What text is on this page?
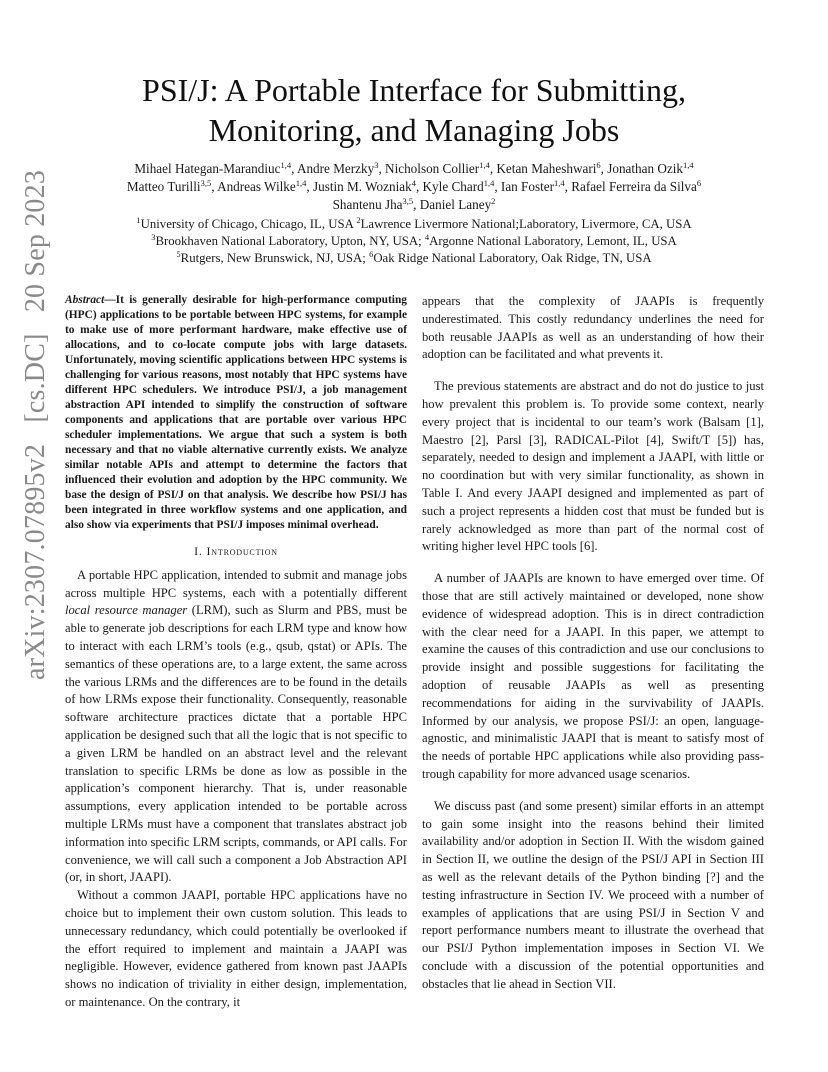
arXiv:2307.07895v2 [cs.DC] 20 Sep 2023
PSI/J: A Portable Interface for Submitting,
Monitoring, and Managing Jobs
Mihael Hategan-Marandiuc$^{1,4}$, Andre Merzky$^3$, Nicholson Collier$^{1,4}$, Ketan Maheshwari$^6$, Jonathan Ozik$^{1,4}$
Matteo Turilli$^{3,5}$, Andreas Wilke$^{1,4}$, Justin M. Wozniak$^4$, Kyle Chard$^{1,4}$, Ian Foster$^{1,4}$, Rafael Ferreira da Silva$^6$
Shantenu Jha$^{3,5}$, Daniel Laney$^2$
$^1$University of Chicago, Chicago, IL, USA $^2$Lawrence Livermore National;Laboratory, Livermore, CA, USA
$^3$Brookhaven National Laboratory, Upton, NY, USA; $^4$Argonne National Laboratory, Lemont, IL, USA
$^5$Rutgers, New Brunswick, NJ, USA; $^6$Oak Ridge National Laboratory, Oak Ridge, TN, USA

Abstract—It is generally desirable for high-performance computing (HPC) applications to be portable between HPC systems, for example to make use of more performant hardware, make effective use of allocations, and to co-locate compute jobs with large datasets. Unfortunately, moving scientific applications between HPC systems is challenging for various reasons, most notably that HPC systems have different HPC schedulers. We introduce PSI/J, a job management abstraction API intended to simplify the construction of software components and applications that are portable over various HPC scheduler implementations. We argue that such a system is both necessary and that no viable alternative currently exists. We analyze similar notable APIs and attempt to determine the factors that influenced their evolution and adoption by the HPC community. We base the design of PSI/J on that analysis. We describe how PSI/J has been integrated in three workflow systems and one application, and also show via experiments that PSI/J imposes minimal overhead.

I. Introduction

A portable HPC application, intended to submit and manage jobs across multiple HPC systems, each with a potentially different local resource manager (LRM), such as Slurm and PBS, must be able to generate job descriptions for each LRM type and know how to interact with each LRM’s tools (e.g., qsub, qstat) or APIs. The semantics of these operations are, to a large extent, the same across the various LRMs and the differences are to be found in the details of how LRMs expose their functionality. Consequently, reasonable software architecture practices dictate that a portable HPC application be designed such that all the logic that is not specific to a given LRM be handled on an abstract level and the relevant translation to specific LRMs be done as low as possible in the application’s component hierarchy. That is, under reasonable assumptions, every application intended to be portable across multiple LRMs must have a component that translates abstract job information into specific LRM scripts, commands, or API calls. For convenience, we will call such a component a Job Abstraction API (or, in short, JAAPI).

Without a common JAAPI, portable HPC applications have no choice but to implement their own custom solution. This leads to unnecessary redundancy, which could potentially be overlooked if the effort required to implement and maintain a JAAPI was negligible. However, evidence gathered from known past JAAPIs shows no indication of triviality in either design, implementation, or maintenance. On the contrary, it

appears that the complexity of JAAPIs is frequently underestimated. This costly redundancy underlines the need for both reusable JAAPIs as well as an understanding of how their adoption can be facilitated and what prevents it.

The previous statements are abstract and do not do justice to just how prevalent this problem is. To provide some context, nearly every project that is incidental to our team’s work (Balsam [1], Maestro [2], Parsl [3], RADICAL-Pilot [4], Swift/T [5]) has, separately, needed to design and implement a JAAPI, with little or no coordination but with very similar functionality, as shown in Table I. And every JAAPI designed and implemented as part of such a project represents a hidden cost that must be funded but is rarely acknowledged as more than part of the normal cost of writing higher level HPC tools [6].

A number of JAAPIs are known to have emerged over time. Of those that are still actively maintained or developed, none show evidence of widespread adoption. This is in direct contradiction with the clear need for a JAAPI. In this paper, we attempt to examine the causes of this contradiction and use our conclusions to provide insight and possible suggestions for facilitating the adoption of reusable JAAPIs as well as presenting recommendations for aiding in the survivability of JAAPIs. Informed by our analysis, we propose PSI/J: an open, language-agnostic, and minimalistic JAAPI that is meant to satisfy most of the needs of portable HPC applications while also providing pass-trough capability for more advanced usage scenarios.

We discuss past (and some present) similar efforts in an attempt to gain some insight into the reasons behind their limited availability and/or adoption in Section II. With the wisdom gained in Section II, we outline the design of the PSI/J API in Section III as well as the relevant details of the Python binding [?] and the testing infrastructure in Section IV. We proceed with a number of examples of applications that are using PSI/J in Section V and report performance numbers meant to illustrate the overhead that our PSI/J Python implementation imposes in Section VI. We conclude with a discussion of the potential opportunities and obstacles that lie ahead in Section VII.
